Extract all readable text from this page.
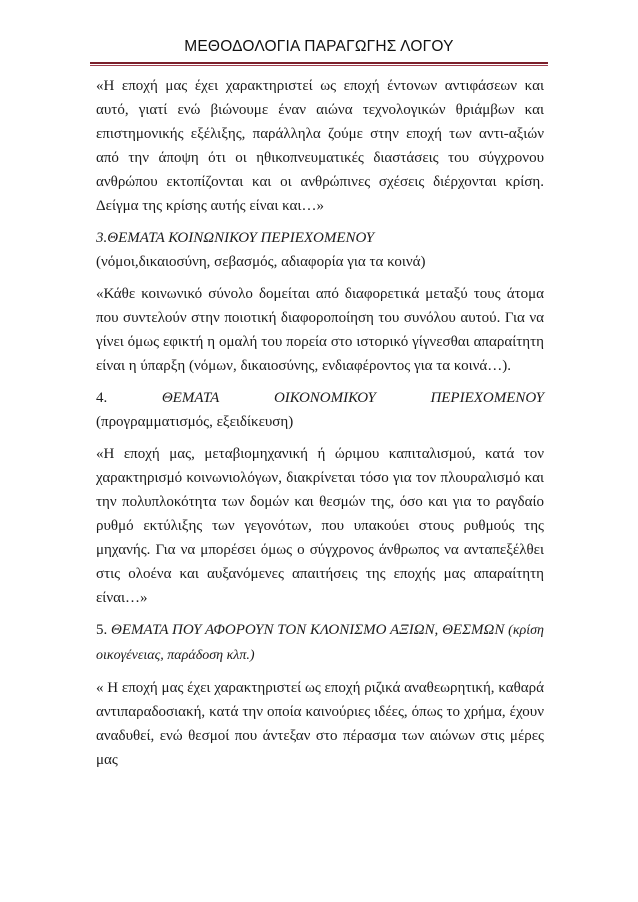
ΜΕΘΟΔΟΛΟΓΙΑ ΠΑΡΑΓΩΓΗΣ ΛΟΓΟΥ

«Η εποχή μας έχει χαρακτηριστεί ως εποχή έντονων αντιφάσεων και αυτό, γιατί ενώ βιώνουμε έναν αιώνα τεχνολογικών θριάμβων και επιστημονικής εξέλιξης, παράλληλα ζούμε στην εποχή των αντι-αξιών από την άποψη ότι οι ηθικοπνευματικές διαστάσεις του σύγχρονου ανθρώπου εκτοπίζονται και οι ανθρώπινες σχέσεις διέρχονται κρίση. Δείγμα της κρίσης αυτής είναι και…»

3.ΘΕΜΑΤΑ ΚΟΙΝΩΝΙΚΟΥ ΠΕΡΙΕΧΟΜΕΝΟΥ

(νόμοι,δικαιοσύνη, σεβασμός, αδιαφορία για τα κοινά)

«Κάθε κοινωνικό σύνολο δομείται από διαφορετικά μεταξύ τους άτομα που συντελούν στην ποιοτική διαφοροποίηση του συνόλου αυτού. Για να γίνει όμως εφικτή η ομαλή του πορεία στο ιστορικό γίγνεσθαι απαραίτητη είναι η ύπαρξη (νόμων, δικαιοσύνης, ενδιαφέροντος για τα κοινά…).

4.	ΘΕΜΑΤΑ	ΟΙΚΟΝΟΜΙΚΟΥ	ΠΕΡΙΕΧΟΜΕΝΟΥ

(προγραμματισμός, εξειδίκευση)

«Η εποχή μας, μεταβιομηχανική ή ώριμου καπιταλισμού, κατά τον χαρακτηρισμό κοινωνιολόγων, διακρίνεται τόσο για τον πλουραλισμό και την πολυπλοκότητα των δομών και θεσμών της, όσο και για το ραγδαίο ρυθμό εκτύλιξης των γεγονότων, που υπακούει στους ρυθμούς της μηχανής. Για να μπορέσει όμως ο σύγχρονος άνθρωπος να ανταπεξέλθει στις ολοένα και αυξανόμενες απαιτήσεις της εποχής μας απαραίτητη είναι…»

5. ΘΕΜΑΤΑ ΠΟΥ ΑΦΟΡΟΥΝ ΤΟΝ ΚΛΟΝΙΣΜΟ ΑΞΙΩΝ, ΘΕΣΜΩΝ (κρίση οικογένειας, παράδοση κλπ.)

« Η εποχή μας έχει χαρακτηριστεί ως εποχή ριζικά αναθεωρητική, καθαρά αντιπαραδοσιακή, κατά την οποία καινούριες ιδέες, όπως το χρήμα, έχουν αναδυθεί, ενώ θεσμοί που άντεξαν στο πέρασμα των αιώνων στις μέρες μας
